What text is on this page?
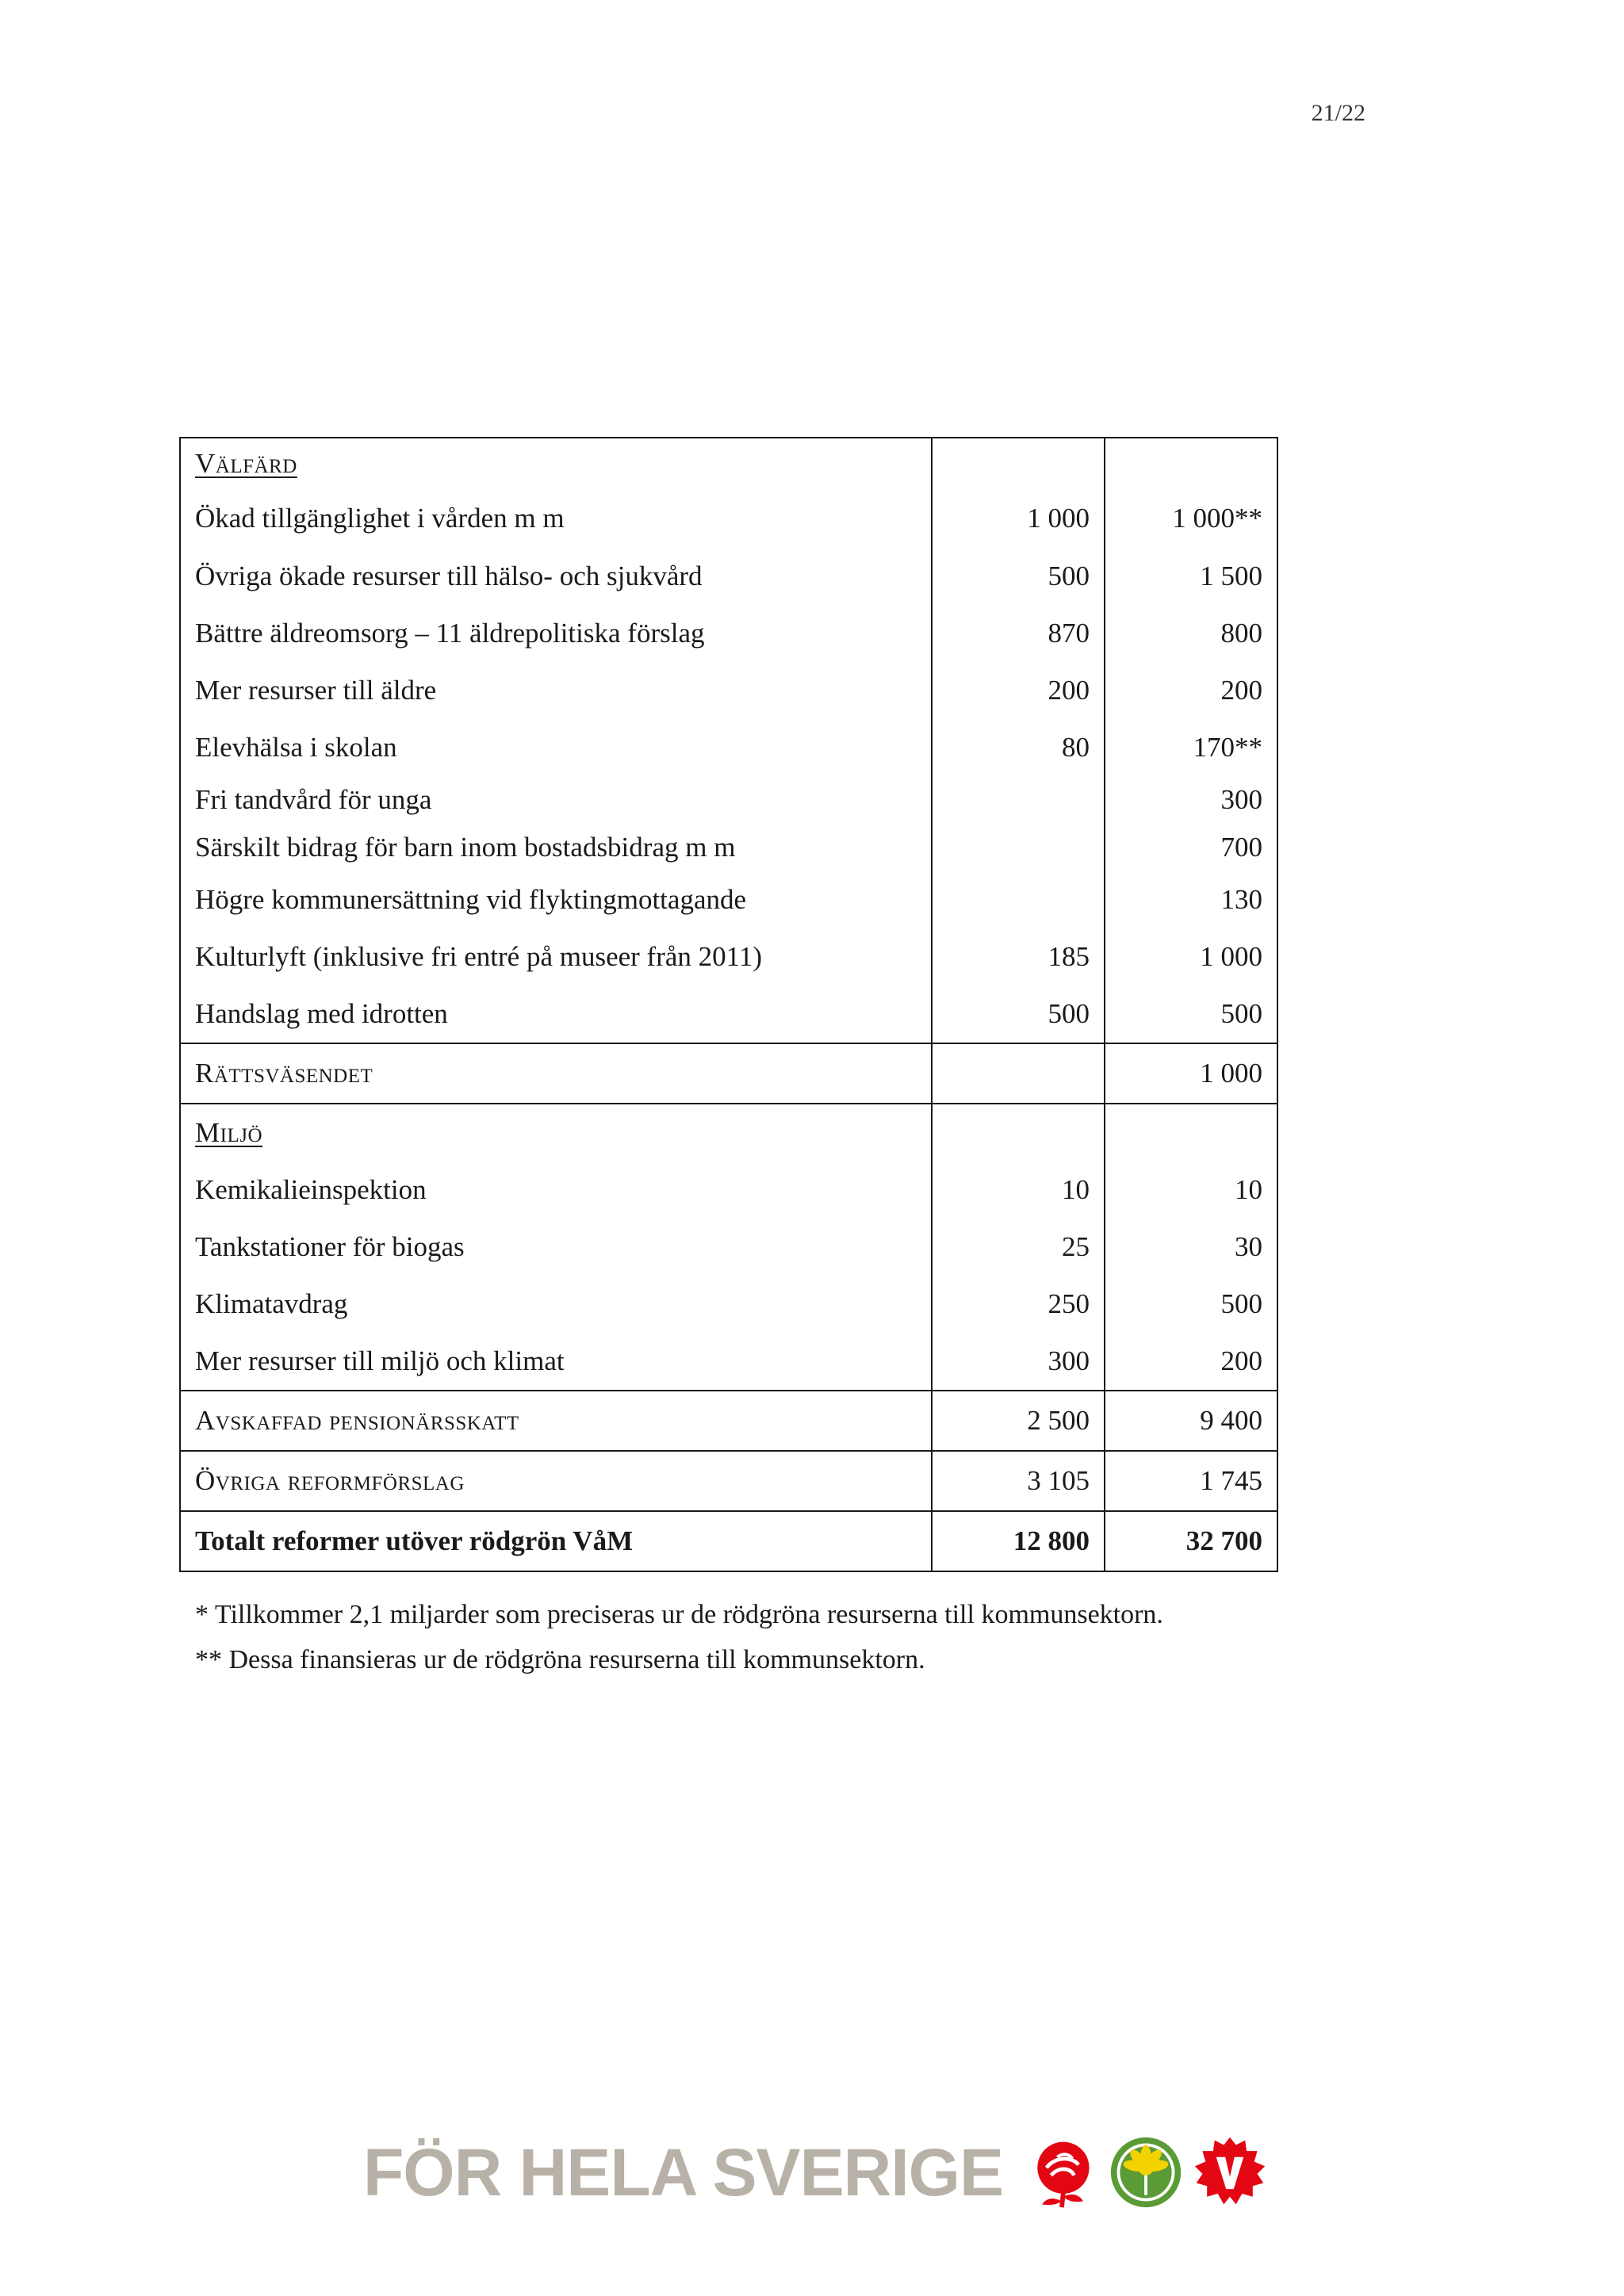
21/22
Välfärd		
Ökad tillgänglighet i vården m m	1 000	1 000**
Övriga ökade resurser till hälso- och sjukvård	500	1 500
Bättre äldreomsorg – 11 äldrepolitiska förslag	870	800
Mer resurser till äldre	200	200
Elevhälsa i skolan	80	170**
Fri tandvård för unga		300
Särskilt bidrag för barn inom bostadsbidrag m m		700
Högre kommunersättning vid flyktingmottagande		130
Kulturlyft (inklusive fri entré på museer från 2011)	185	1 000
Handslag med idrotten	500	500
Rättsväsendet		1 000
Miljö		
Kemikalieinspektion	10	10
Tankstationer för biogas	25	30
Klimatavdrag	250	500
Mer resurser till miljö och klimat	300	200
Avskaffad pensionärsskatt	2 500	9 400
Övriga reformförslag	3 105	1 745
Totalt reformer utöver rödgrön VåM	12 800	32 700
* Tillkommer 2,1 miljarder som preciseras ur de rödgröna resurserna till kommunsektorn.
** Dessa finansieras ur de rödgröna resurserna till kommunsektorn.
FÖR HELA SVERIGE
